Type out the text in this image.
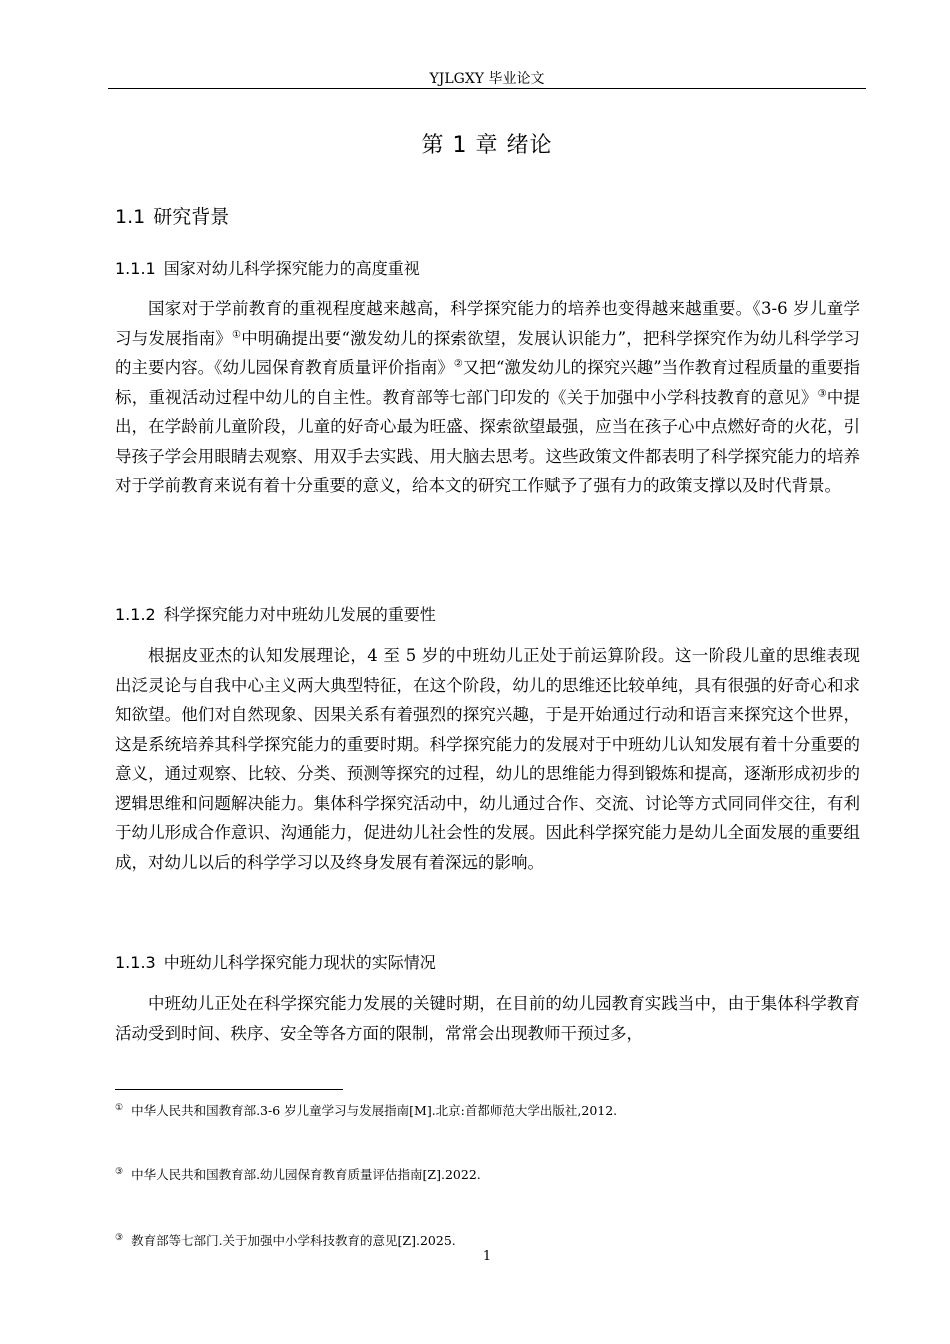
YJLGXY 毕业论文
第 1 章 绪论
1.1 研究背景
1.1.1 国家对幼儿科学探究能力的高度重视

国家对于学前教育的重视程度越来越高，科学探究能力的培养也变得越来越重要。《3-6 岁儿童学习与发展指南》①中明确提出要“激发幼儿的探索欲望，发展认识能力”，把科学探究作为幼儿科学学习的主要内容。《幼儿园保育教育质量评价指南》②又把“激发幼儿的探究兴趣”当作教育过程质量的重要指标，重视活动过程中幼儿的自主性。教育部等七部门印发的《关于加强中小学科技教育的意见》③中提出，在学龄前儿童阶段，儿童的好奇心最为旺盛、探索欲望最强，应当在孩子心中点燃好奇的火花，引导孩子学会用眼睛去观察、用双手去实践、用大脑去思考。这些政策文件都表明了科学探究能力的培养对于学前教育来说有着十分重要的意义，给本文的研究工作赋予了强有力的政策支撑以及时代背景。

1.1.2 科学探究能力对中班幼儿发展的重要性

根据皮亚杰的认知发展理论，4 至 5 岁的中班幼儿正处于前运算阶段。这一阶段儿童的思维表现出泛灵论与自我中心主义两大典型特征，在这个阶段，幼儿的思维还比较单纯，具有很强的好奇心和求知欲望。他们对自然现象、因果关系有着强烈的探究兴趣，于是开始通过行动和语言来探究这个世界，这是系统培养其科学探究能力的重要时期。科学探究能力的发展对于中班幼儿认知发展有着十分重要的意义，通过观察、比较、分类、预测等探究的过程，幼儿的思维能力得到锻炼和提高，逐渐形成初步的逻辑思维和问题解决能力。集体科学探究活动中，幼儿通过合作、交流、讨论等方式同同伴交往，有利于幼儿形成合作意识、沟通能力，促进幼儿社会性的发展。因此科学探究能力是幼儿全面发展的重要组成，对幼儿以后的科学学习以及终身发展有着深远的影响。

1.1.3 中班幼儿科学探究能力现状的实际情况

中班幼儿正处在科学探究能力发展的关键时期，在目前的幼儿园教育实践当中，由于集体科学教育活动受到时间、秩序、安全等各方面的限制，常常会出现教师干预过多，

① 中华人民共和国教育部.3-6 岁儿童学习与发展指南[M].北京:首都师范大学出版社,2012.
③ 中华人民共和国教育部.幼儿园保育教育质量评估指南[Z].2022.
③ 教育部等七部门.关于加强中小学科技教育的意见[Z].2025.
1
